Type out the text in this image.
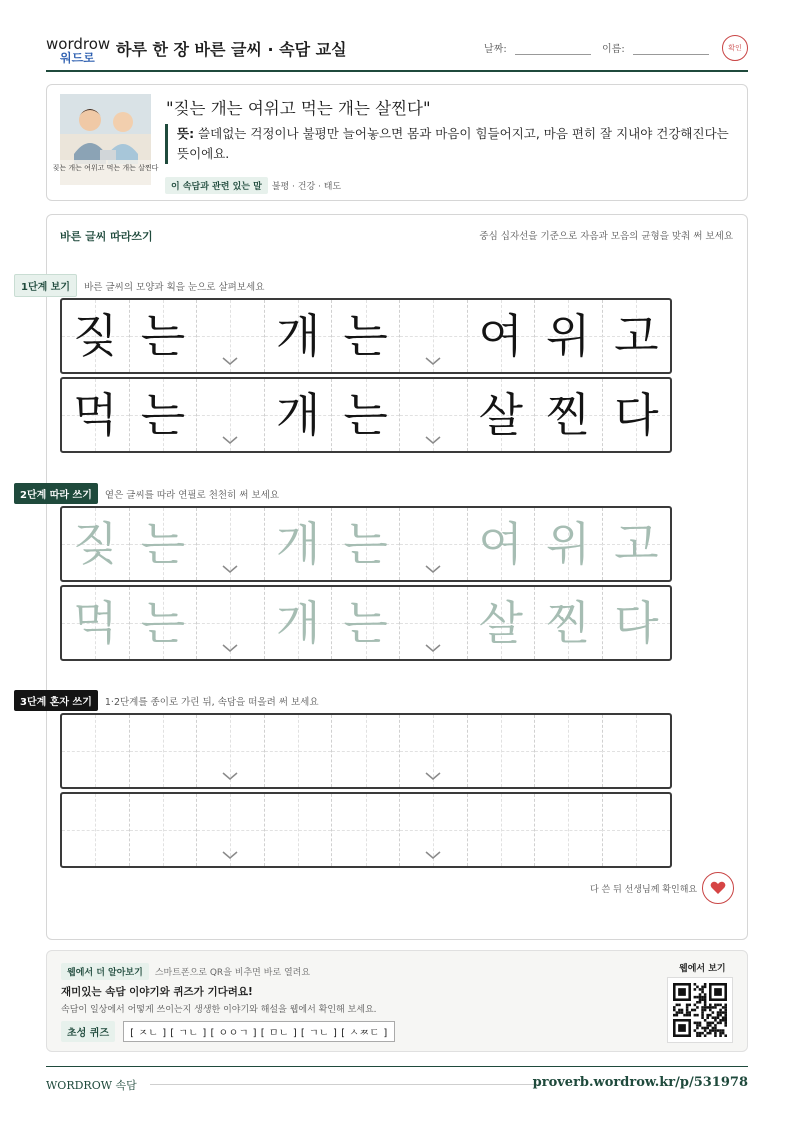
wordrow
워드로 하루 한 장 바른 글씨 · 속담 교실	날짜:	이름:	확인
짖는 개는 여위고 먹는 개는 살찐다
"짖는 개는 여위고 먹는 개는 살찐다"
뜻: 쓸데없는 걱정이나 불평만 늘어놓으면 몸과 마음이 힘들어지고, 마음 편히 잘 지내야 건강해진다는 뜻이에요.
이 속담과 관련 있는 말 불평 · 건강 · 태도
바른 글씨 따라쓰기	중심 십자선을 기준으로 자음과 모음의 균형을 맞춰 써 보세요
1단계 보기	바른 글씨의 모양과 획을 눈으로 살펴보세요
2단계 따라 쓰기	옅은 글씨를 따라 연필로 천천히 써 보세요
3단계 혼자 쓰기	1·2단계를 종이로 가린 뒤, 속담을 떠올려 써 보세요
짖 는 개 는 여 위 고
먹 는 개 는 살 찐 다
짖 는 개 는 여 위 고
먹 는 개 는 살 찐 다
다 쓴 뒤 선생님께 확인해요
웹에서 더 알아보기 스마트폰으로 QR을 비추면 바로 열려요
재미있는 속담 이야기와 퀴즈가 기다려요!
속담이 일상에서 어떻게 쓰이는지 생생한 이야기와 해설을 웹에서 확인해 보세요.
초성 퀴즈	[ ㅈㄴ ] [ ㄱㄴ ] [ ㅇㅇㄱ ] [ ㅁㄴ ] [ ㄱㄴ ] [ ㅅㅉㄷ ]
웹에서 보기
WORDROW 속담	proverb.wordrow.kr/p/531978
